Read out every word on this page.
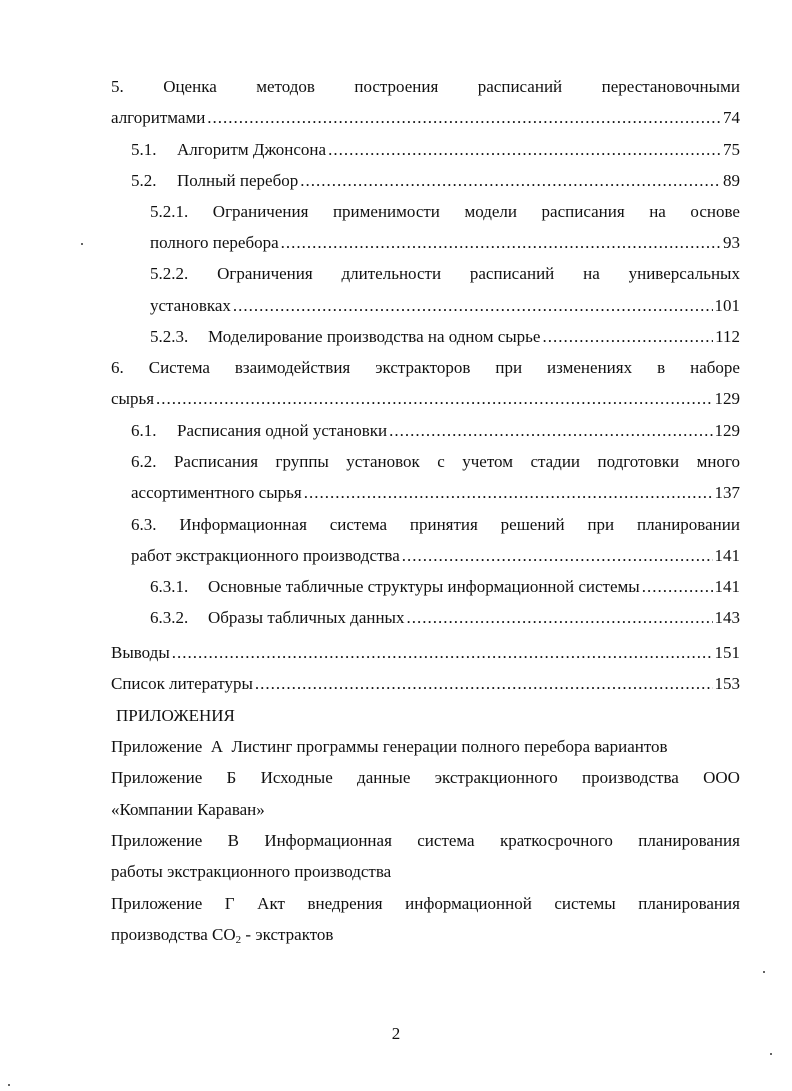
5. Оценка методов построения расписаний перестановочными
алгоритмами .....	74
5.1.	Алгоритм Джонсона .....	75
5.2.	Полный перебор .....	89
5.2.1. Ограничения применимости модели расписания на основе
полного перебора .....	93
5.2.2. Ограничения длительности расписаний на универсальных
установках .....	101
5.2.3.	Моделирование производства на одном сырье .....	112
6. Система взаимодействия экстракторов при изменениях в наборе
сырья .....	129
6.1.	Расписания одной установки .....	129
6.2. Расписания группы установок с учетом стадии подготовки много
ассортиментного сырья .....	137
6.3. Информационная система принятия решений при планировании
работ экстракционного производства .....	141
6.3.1.	Основные табличные структуры информационной системы .....	141
6.3.2.	Образы табличных данных .....	143
Выводы .....	151
Список литературы .....	153
ПРИЛОЖЕНИЯ
Приложение  А  Листинг программы генерации полного перебора вариантов
Приложение Б Исходные данные экстракционного производства ООО
«Компании Караван»
Приложение В Информационная система краткосрочного планирования
работы экстракционного производства
Приложение Г Акт внедрения информационной системы планирования
производства $CO_2$ - экстрактов
2
